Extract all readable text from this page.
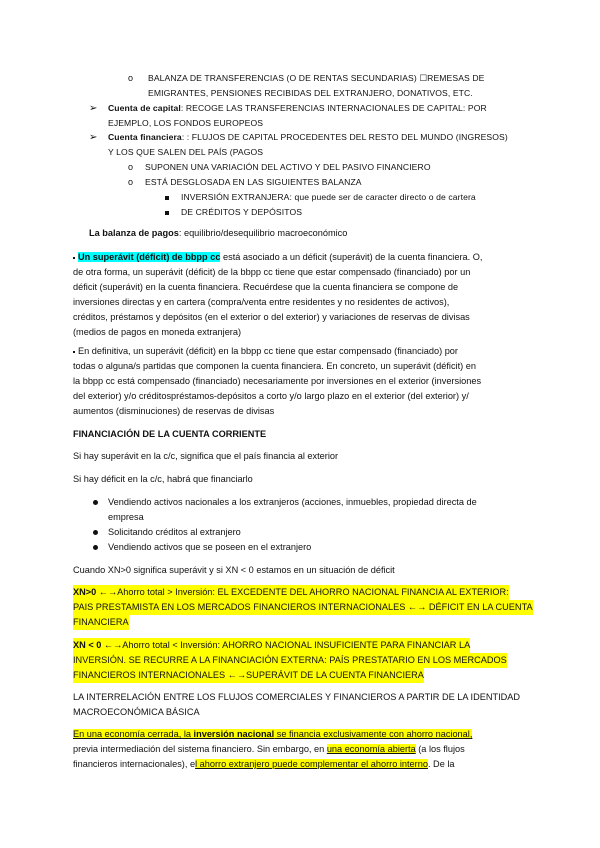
o BALANZA DE TRANSFERENCIAS (O DE RENTAS SECUNDARIAS) ☐REMESAS DE
EMIGRANTES, PENSIONES RECIBIDAS DEL EXTRANJERO, DONATIVOS, ETC.
➢ Cuenta de capital: RECOGE LAS TRANSFERENCIAS INTERNACIONALES DE CAPITAL: POR
EJEMPLO, LOS FONDOS EUROPEOS
➢ Cuenta financiera: : FLUJOS DE CAPITAL PROCEDENTES DEL RESTO DEL MUNDO (INGRESOS)
Y LOS QUE SALEN DEL PAÍS (PAGOS
o SUPONEN UNA VARIACIÓN DEL ACTIVO Y DEL PASIVO FINANCIERO
o ESTÁ DESGLOSADA EN LAS SIGUIENTES BALANZA
INVERSIÓN EXTRANJERA: que puede ser de caracter directo o de cartera
DE CRÉDITOS Y DEPÓSITOS
La balanza de pagos: equilibrio/desequilibrio macroeconómico
Un superávit (déficit) de bbpp cc está asociado a un déficit (superávit) de la cuenta financiera. O,
de otra forma, un superávit (déficit) de la bbpp cc tiene que estar compensado (financiado) por un
déficit (superávit) en la cuenta financiera. Recuérdese que la cuenta financiera se compone de
inversiones directas y en cartera (compra/venta entre residentes y no residentes de activos),
créditos, préstamos y depósitos (en el exterior o del exterior) y variaciones de reservas de divisas
(medios de pagos en moneda extranjera)
En definitiva, un superávit (déficit) en la bbpp cc tiene que estar compensado (financiado) por
todas o alguna/s partidas que componen la cuenta financiera. En concreto, un superávit (déficit) en
la bbpp cc está compensado (financiado) necesariamente por inversiones en el exterior (inversiones
del exterior) y/o créditospréstamos-depósitos a corto y/o largo plazo en el exterior (del exterior) y/
aumentos (disminuciones) de reservas de divisas
FINANCIACIÓN DE LA CUENTA CORRIENTE
Si hay superávit en la c/c, significa que el país financia al exterior
Si hay déficit en la c/c, habrá que financiarlo
Vendiendo activos nacionales a los extranjeros (acciones, inmuebles, propiedad directa de
empresa
Solicitando créditos al extranjero
Vendiendo activos que se poseen en el extranjero
Cuando XN>0 significa superávit y si XN < 0 estamos en un situación de déficit
XN>0 ←→Ahorro total > Inversión: EL EXCEDENTE DEL AHORRO NACIONAL FINANCIA AL EXTERIOR:
PAIS PRESTAMISTA EN LOS MERCADOS FINANCIEROS INTERNACIONALES ←→ DÉFICIT EN LA CUENTA
FINANCIERA
XN < 0 ←→Ahorro total < Inversión: AHORRO NACIONAL INSUFICIENTE PARA FINANCIAR LA
INVERSIÓN. SE RECURRE A LA FINANCIACIÓN EXTERNA: PAÍS PRESTATARIO EN LOS MERCADOS
FINANCIEROS INTERNACIONALES ←→SUPERÁVIT DE LA CUENTA FINANCIERA
LA INTERRELACIÓN ENTRE LOS FLUJOS COMERCIALES Y FINANCIEROS A PARTIR DE LA IDENTIDAD
MACROECONÓMICA BÁSICA
En una economía cerrada, la inversión nacional se financia exclusivamente con ahorro nacional,
previa intermediación del sistema financiero. Sin embargo, en una economía abierta (a los flujos
financieros internacionales), el ahorro extranjero puede complementar el ahorro interno. De la
